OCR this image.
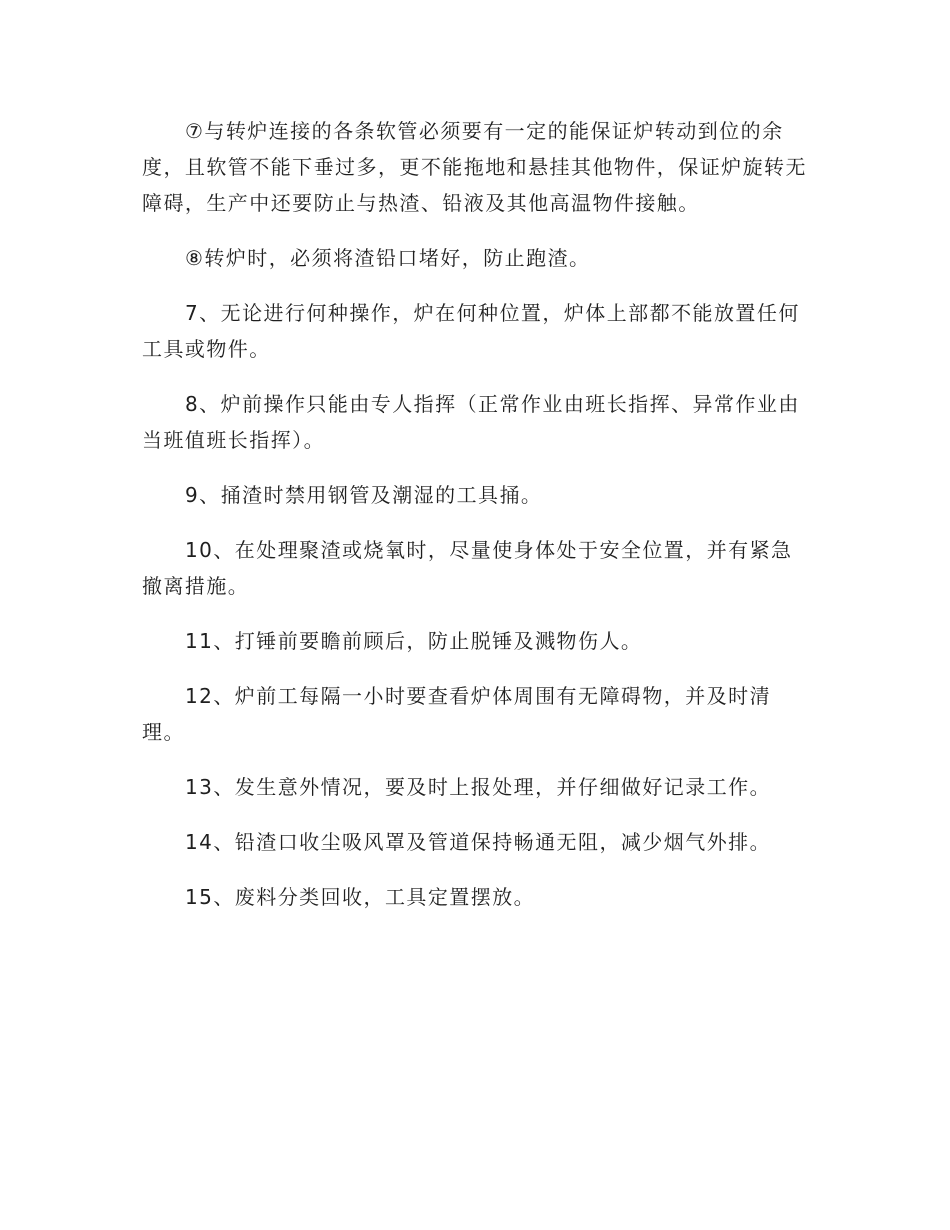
⑦与转炉连接的各条软管必须要有一定的能保证炉转动到位的余度，且软管不能下垂过多，更不能拖地和悬挂其他物件，保证炉旋转无障碍，生产中还要防止与热渣、铅液及其他高温物件接触。

⑧转炉时，必须将渣铅口堵好，防止跑渣。

7、无论进行何种操作，炉在何种位置，炉体上部都不能放置任何工具或物件。

8、炉前操作只能由专人指挥（正常作业由班长指挥、异常作业由当班值班长指挥）。

9、捅渣时禁用钢管及潮湿的工具捅。

10、在处理聚渣或烧氧时，尽量使身体处于安全位置，并有紧急撤离措施。

11、打锤前要瞻前顾后，防止脱锤及溅物伤人。

12、炉前工每隔一小时要查看炉体周围有无障碍物，并及时清理。

13、发生意外情况，要及时上报处理，并仔细做好记录工作。

14、铅渣口收尘吸风罩及管道保持畅通无阻，减少烟气外排。

15、废料分类回收，工具定置摆放。
